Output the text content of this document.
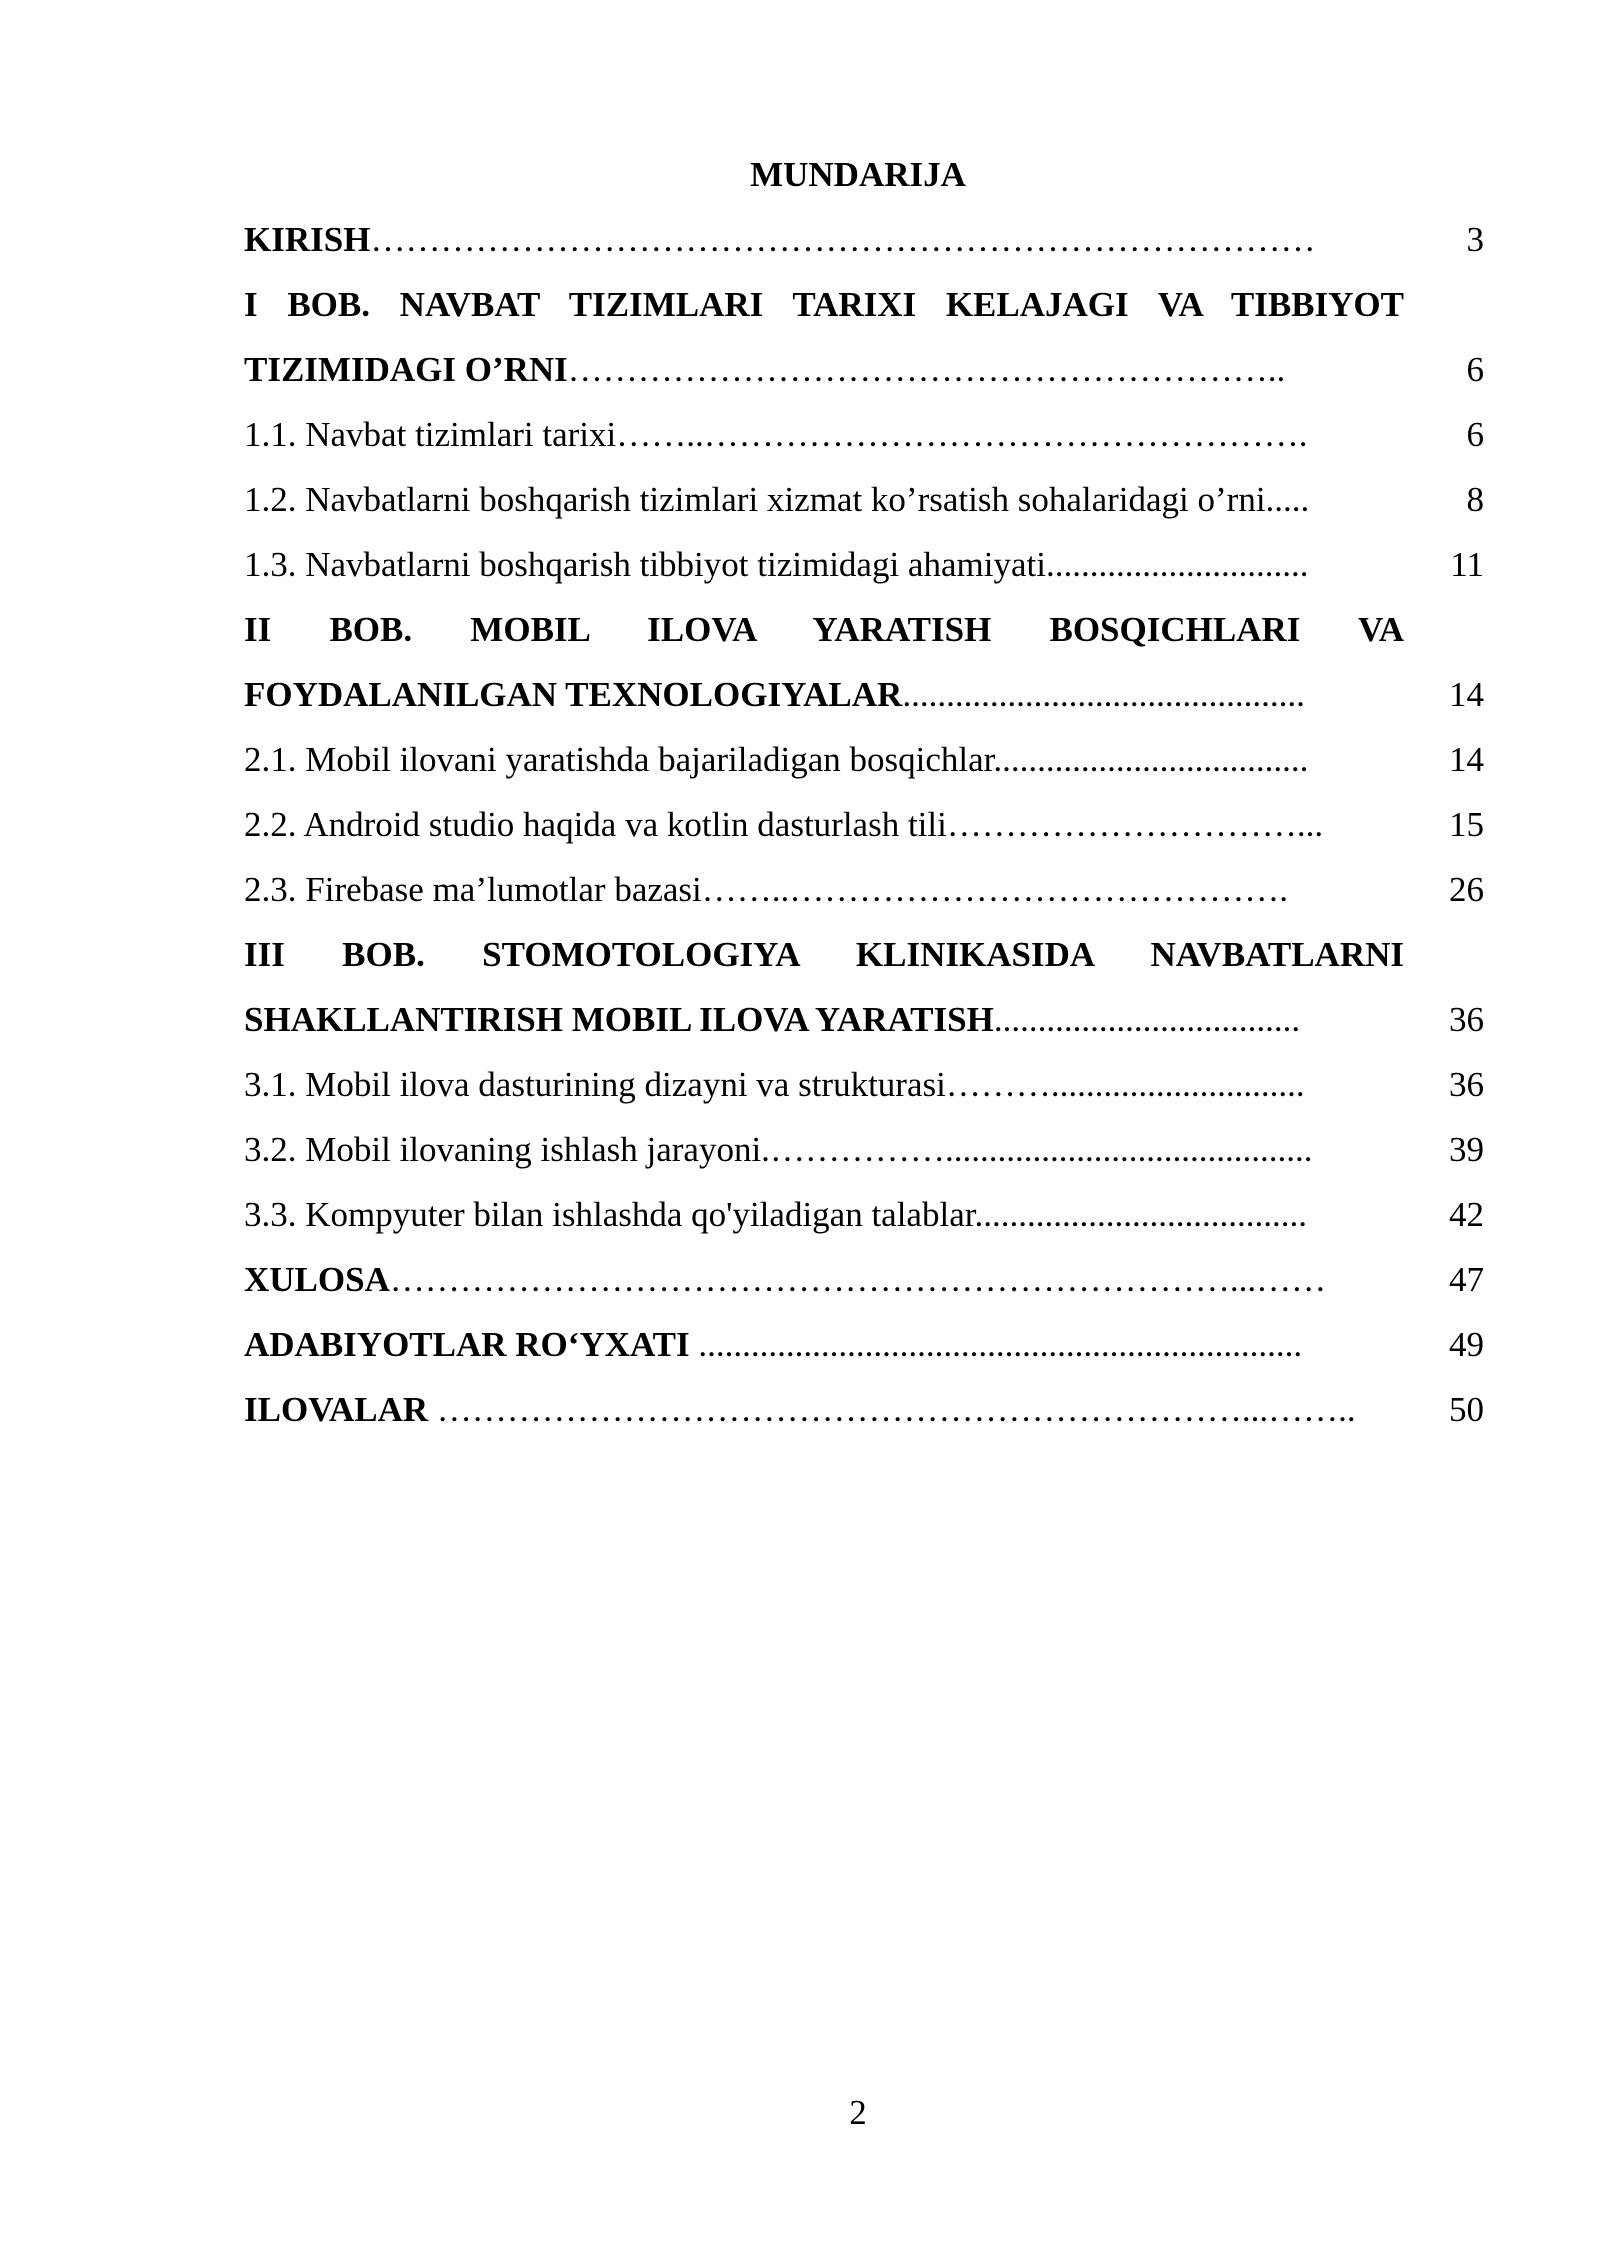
MUNDARIJA
KIRISH………………………………………………………………………	3
I BOB. NAVBAT TIZIMLARI TARIXI KELAJAGI VA TIBBIYOT
TIZIMIDAGI O’RNI……………………………………………………..	6
1.1. Navbat tizimlari tarixi……..…………………………………………….	6
1.2. Navbatlarni boshqarish tizimlari xizmat ko’rsatish sohalaridagi o’rni.....	8
1.3. Navbatlarni boshqarish tibbiyot tizimidagi ahamiyati..............................	11
II BOB. MOBIL ILOVA YARATISH BOSQICHLARI VA
FOYDALANILGAN TEXNOLOGIYALAR..............................................	14
2.1. Mobil ilovani yaratishda bajariladigan bosqichlar....................................	14
2.2. Android studio haqida va kotlin dasturlash tili…………………………...	15
2.3. Firebase ma’lumotlar bazasi……..…………………………………….	26
III BOB. STOMOTOLOGIYA KLINIKASIDA NAVBATLARNI
SHAKLLANTIRISH MOBIL ILOVA YARATISH...................................	36
3.1. Mobil ilova dasturining dizayni va strukturasi……….............................	36
3.2. Mobil ilovaning ishlash jarayoni.……………..........................................	39
3.3. Kompyuter bilan ishlashda qo'yiladigan talablar......................................	42
XULOSA………………………………………………………………...……	47
ADABIYOTLAR RO‘YXATI .....................................................................	49
ILOVALAR ……………………………………………………………...……..	50
2
